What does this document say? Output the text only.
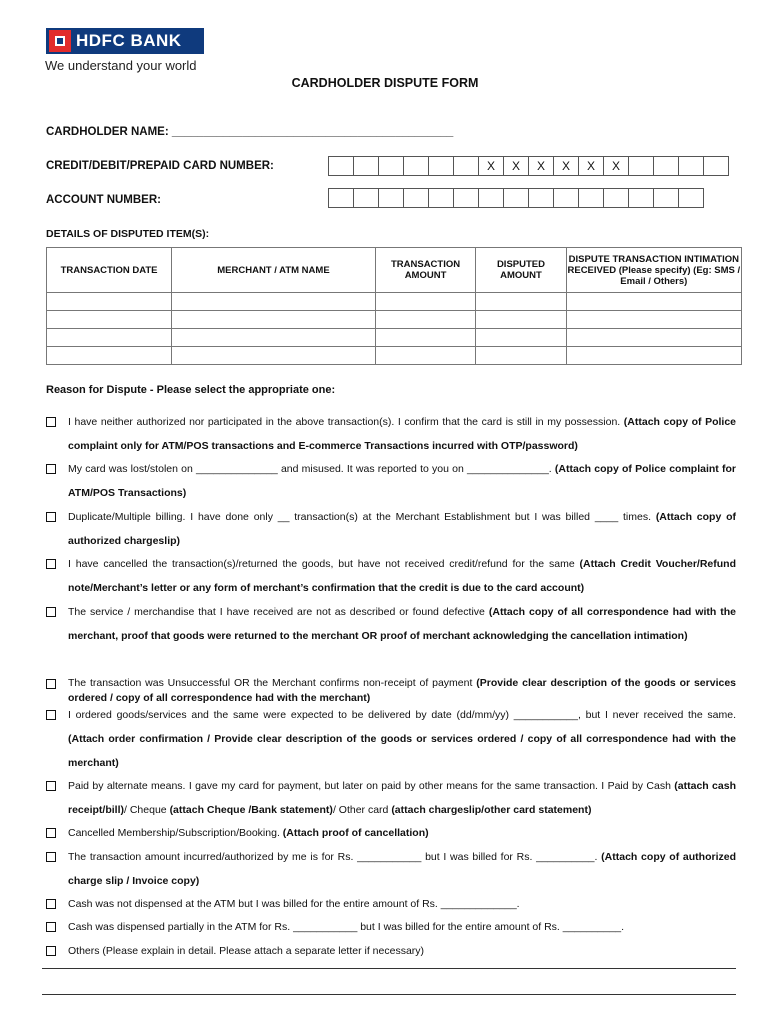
HDFC BANK
We understand your world
CARDHOLDER DISPUTE FORM
CARDHOLDER NAME: ____________________________________________
CREDIT/DEBIT/PREPAID CARD NUMBER:	X	X	X	X	X	X
ACCOUNT NUMBER:
DETAILS OF DISPUTED ITEM(S):
TRANSACTION DATE	MERCHANT / ATM NAME	TRANSACTION AMOUNT	DISPUTED AMOUNT	DISPUTE TRANSACTION INTIMATION RECEIVED (Please specify) (Eg: SMS / Email / Others)

Reason for Dispute - Please select the appropriate one:
I have neither authorized nor participated in the above transaction(s). I confirm that the card is still in my possession. (Attach copy of Police complaint only for ATM/POS transactions and E-commerce Transactions incurred with OTP/password)
My card was lost/stolen on ______________ and misused. It was reported to you on ______________. (Attach copy of Police complaint for ATM/POS Transactions)
Duplicate/Multiple billing. I have done only __ transaction(s) at the Merchant Establishment but I was billed ____ times. (Attach copy of authorized chargeslip)
I have cancelled the transaction(s)/returned the goods, but have not received credit/refund for the same (Attach Credit Voucher/Refund note/Merchant’s letter or any form of merchant’s confirmation that the credit is due to the card account)
The service / merchandise that I have received are not as described or found defective (Attach copy of all correspondence had with the merchant, proof that goods were returned to the merchant OR proof of merchant acknowledging the cancellation intimation)
The transaction was Unsuccessful OR the Merchant confirms non-receipt of payment (Provide clear description of the goods or services ordered / copy of all correspondence had with the merchant)
I ordered goods/services and the same were expected to be delivered by date (dd/mm/yy) ___________, but I never received the same. (Attach order confirmation / Provide clear description of the goods or services ordered / copy of all correspondence had with the merchant)
Paid by alternate means. I gave my card for payment, but later on paid by other means for the same transaction. I Paid by Cash (attach cash receipt/bill)/ Cheque (attach Cheque /Bank statement)/ Other card (attach chargeslip/other card statement)
Cancelled Membership/Subscription/Booking. (Attach proof of cancellation)
The transaction amount incurred/authorized by me is for Rs. ___________ but I was billed for Rs. __________. (Attach copy of authorized charge slip / Invoice copy)
Cash was not dispensed at the ATM but I was billed for the entire amount of Rs. _____________.
Cash was dispensed partially in the ATM for Rs. ___________ but I was billed for the entire amount of Rs. __________.
Others (Please explain in detail. Please attach a separate letter if necessary)
